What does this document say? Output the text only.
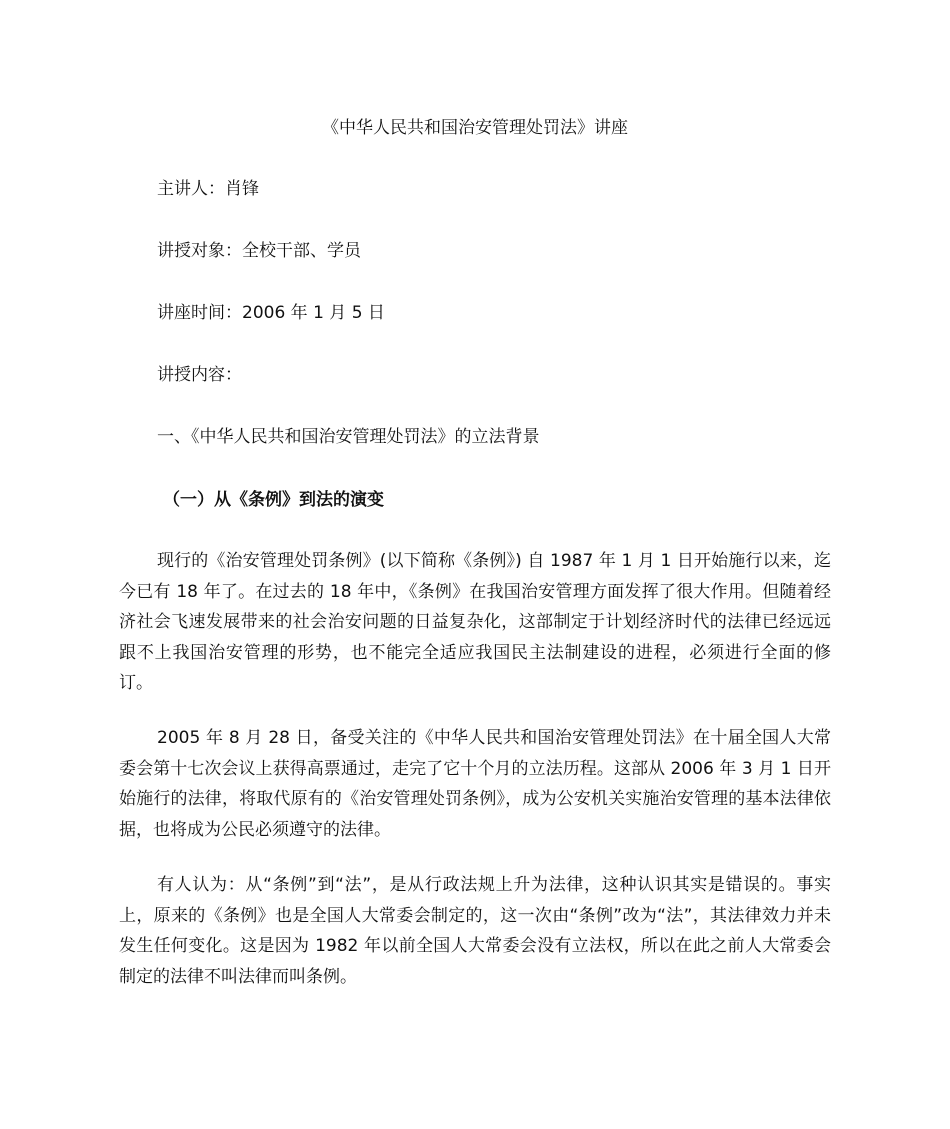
《中华人民共和国治安管理处罚法》讲座
主讲人：肖锋
讲授对象：全校干部、学员
讲座时间：2006 年 1 月 5 日
讲授内容：
一、《中华人民共和国治安管理处罚法》的立法背景
（一）从《条例》到法的演变

现行的《治安管理处罚条例》(以下简称《条例》) 自 1987 年 1 月 1 日开始施行以来，迄今已有 18 年了。在过去的 18 年中，《条例》在我国治安管理方面发挥了很大作用。但随着经济社会飞速发展带来的社会治安问题的日益复杂化，这部制定于计划经济时代的法律已经远远跟不上我国治安管理的形势，也不能完全适应我国民主法制建设的进程，必须进行全面的修订。

2005 年 8 月 28 日，备受关注的《中华人民共和国治安管理处罚法》在十届全国人大常委会第十七次会议上获得高票通过，走完了它十个月的立法历程。这部从 2006 年 3 月 1 日开始施行的法律，将取代原有的《治安管理处罚条例》，成为公安机关实施治安管理的基本法律依据，也将成为公民必须遵守的法律。

有人认为：从“条例”到“法”，是从行政法规上升为法律，这种认识其实是错误的。事实上，原来的《条例》也是全国人大常委会制定的，这一次由“条例”改为“法”，其法律效力并未发生任何变化。这是因为 1982 年以前全国人大常委会没有立法权，所以在此之前人大常委会制定的法律不叫法律而叫条例。
